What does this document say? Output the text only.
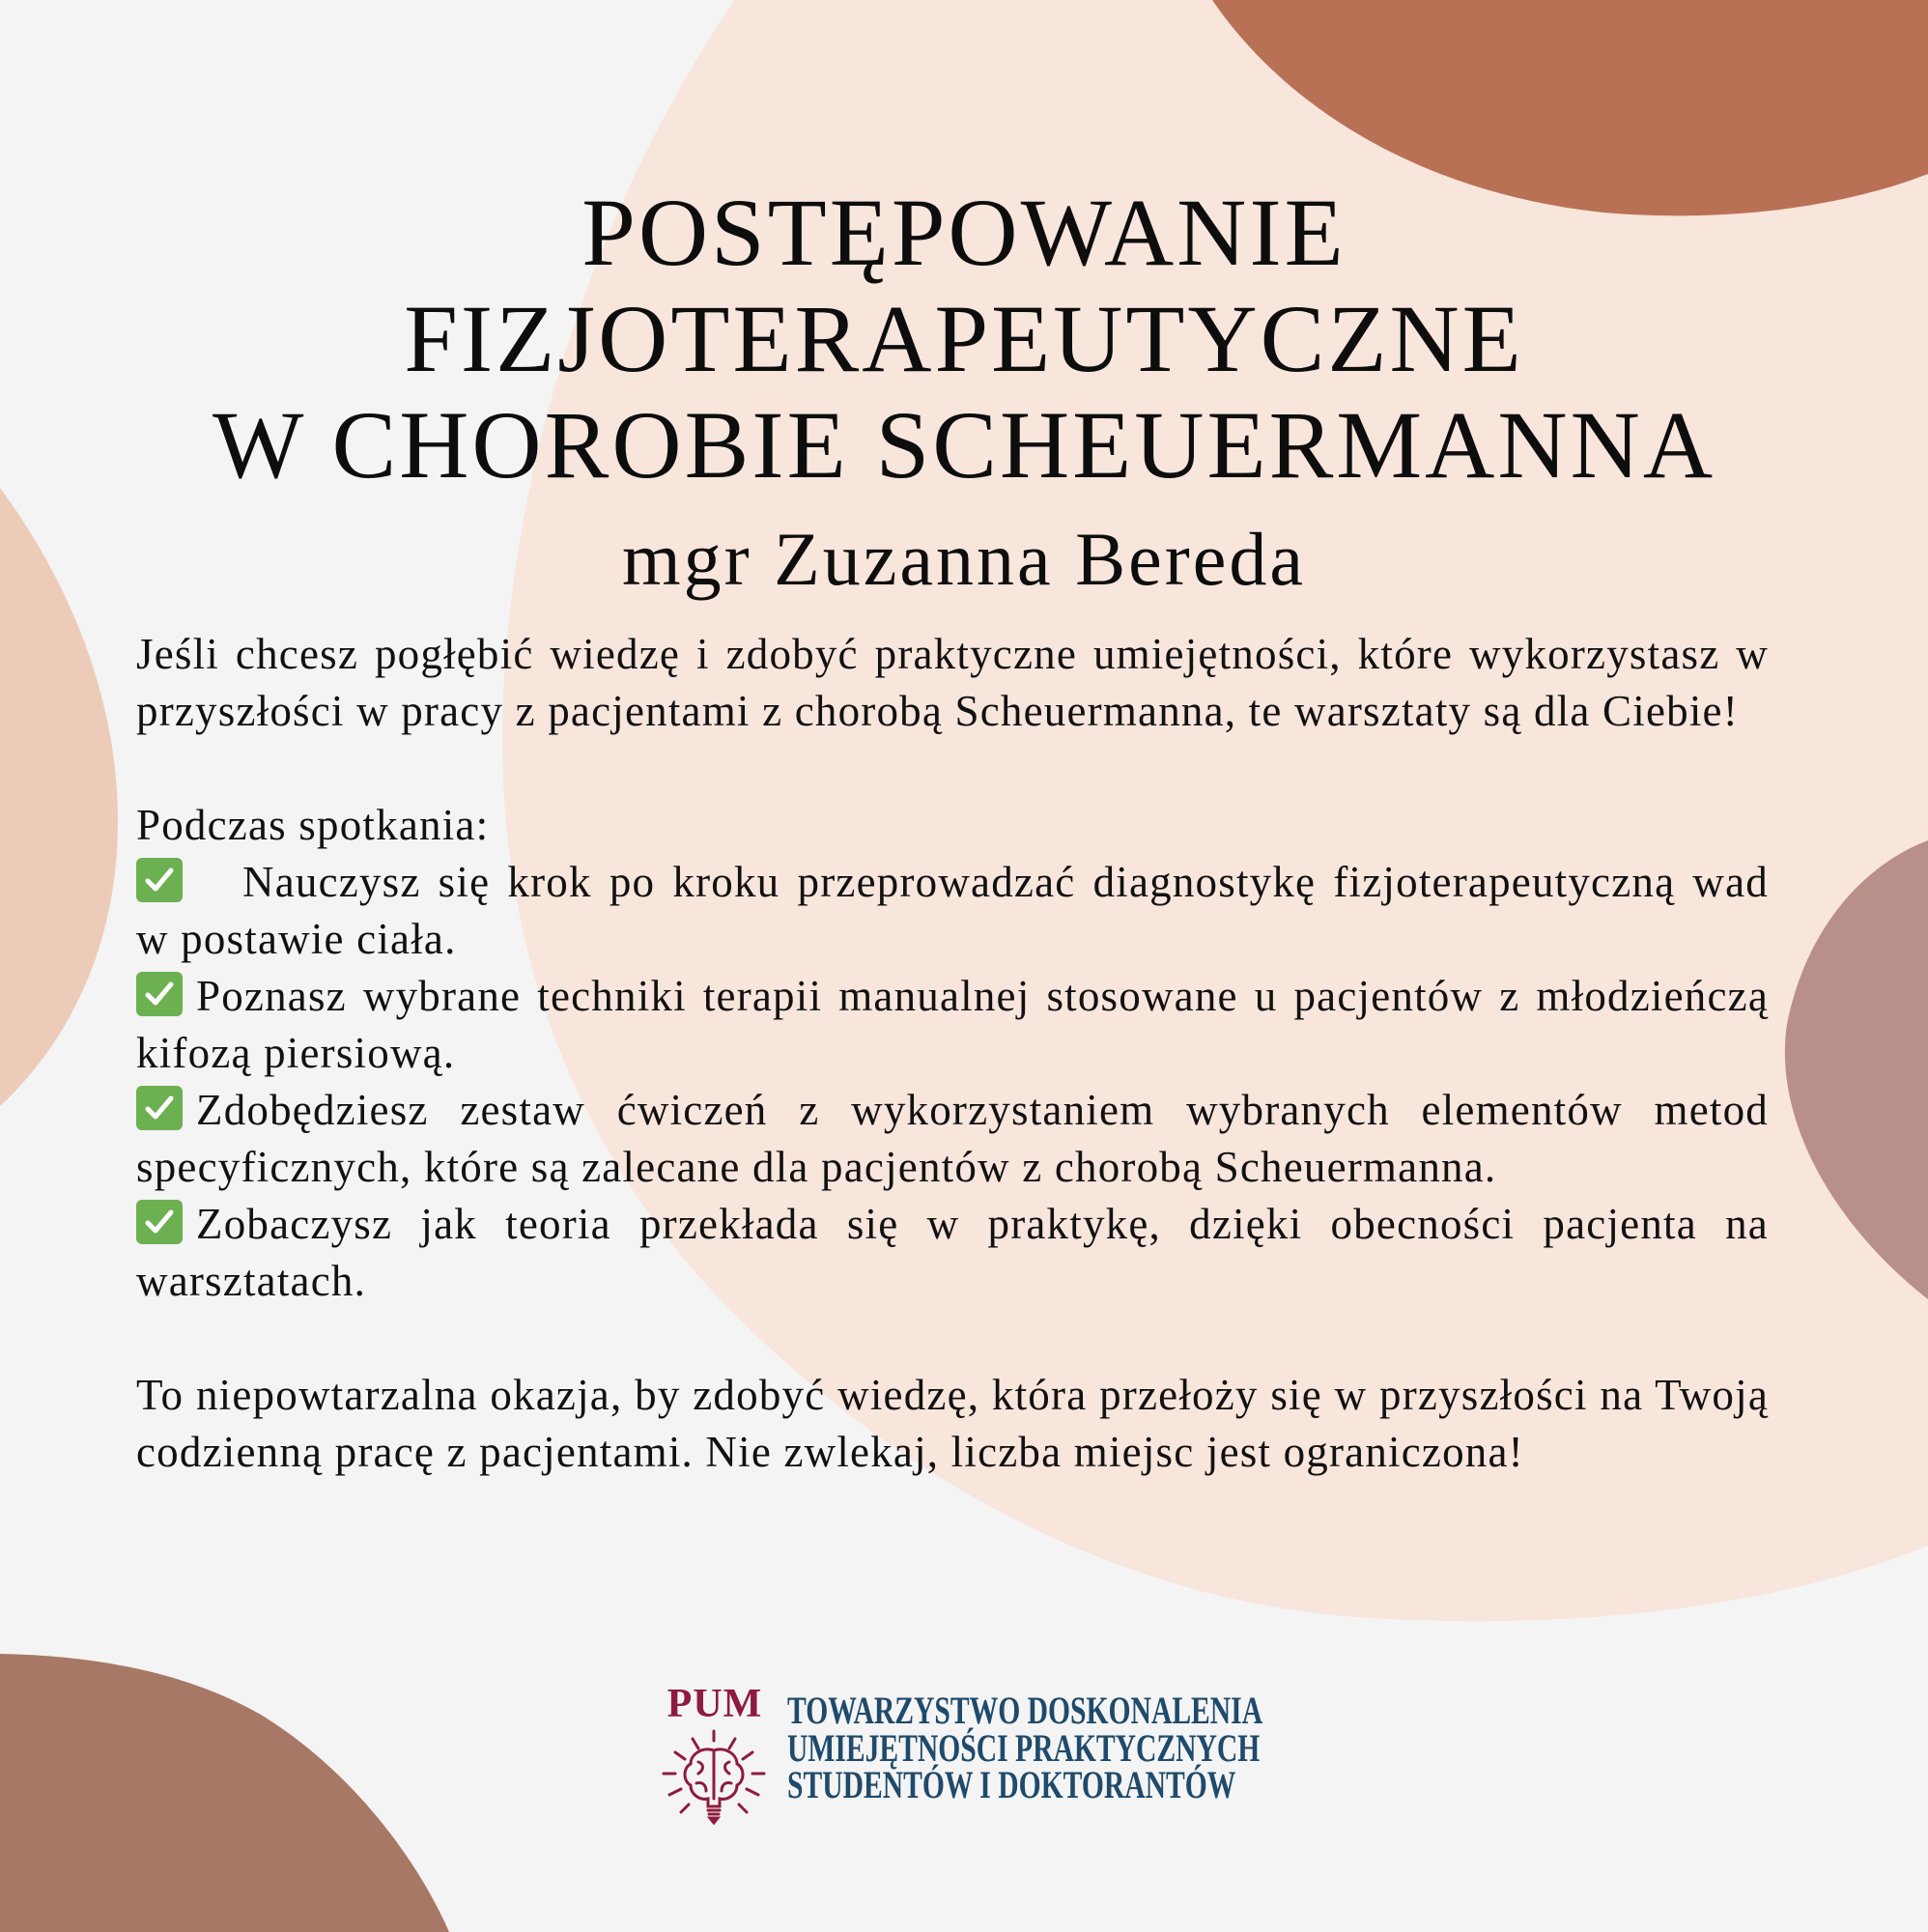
POSTĘPOWANIE
FIZJOTERAPEUTYCZNE
W CHOROBIE SCHEUERMANNA
mgr Zuzanna Bereda

Jeśli chcesz pogłębić wiedzę i zdobyć praktyczne umiejętności, które wykorzystasz w przyszłości w pracy z pacjentami z chorobą Scheuermanna, te warsztaty są dla Ciebie!

Podczas spotkania:

Nauczysz się krok po kroku przeprowadzać diagnostykę fizjoterapeutyczną wad w postawie ciała.

Poznasz wybrane techniki terapii manualnej stosowane u pacjentów z młodzieńczą kifozą piersiową.

Zdobędziesz zestaw ćwiczeń z wykorzystaniem wybranych elementów metod specyficznych, które są zalecane dla pacjentów z chorobą Scheuermanna.

Zobaczysz jak teoria przekłada się w praktykę, dzięki obecności pacjenta na warsztatach.

To niepowtarzalna okazja, by zdobyć wiedzę, która przełoży się w przyszłości na Twoją codzienną pracę z pacjentami. Nie zwlekaj, liczba miejsc jest ograniczona!

PUM TOWARZYSTWO DOSKONALENIA
UMIEJĘTNOŚCI PRAKTYCZNYCH
STUDENTÓW I DOKTORANTÓW
